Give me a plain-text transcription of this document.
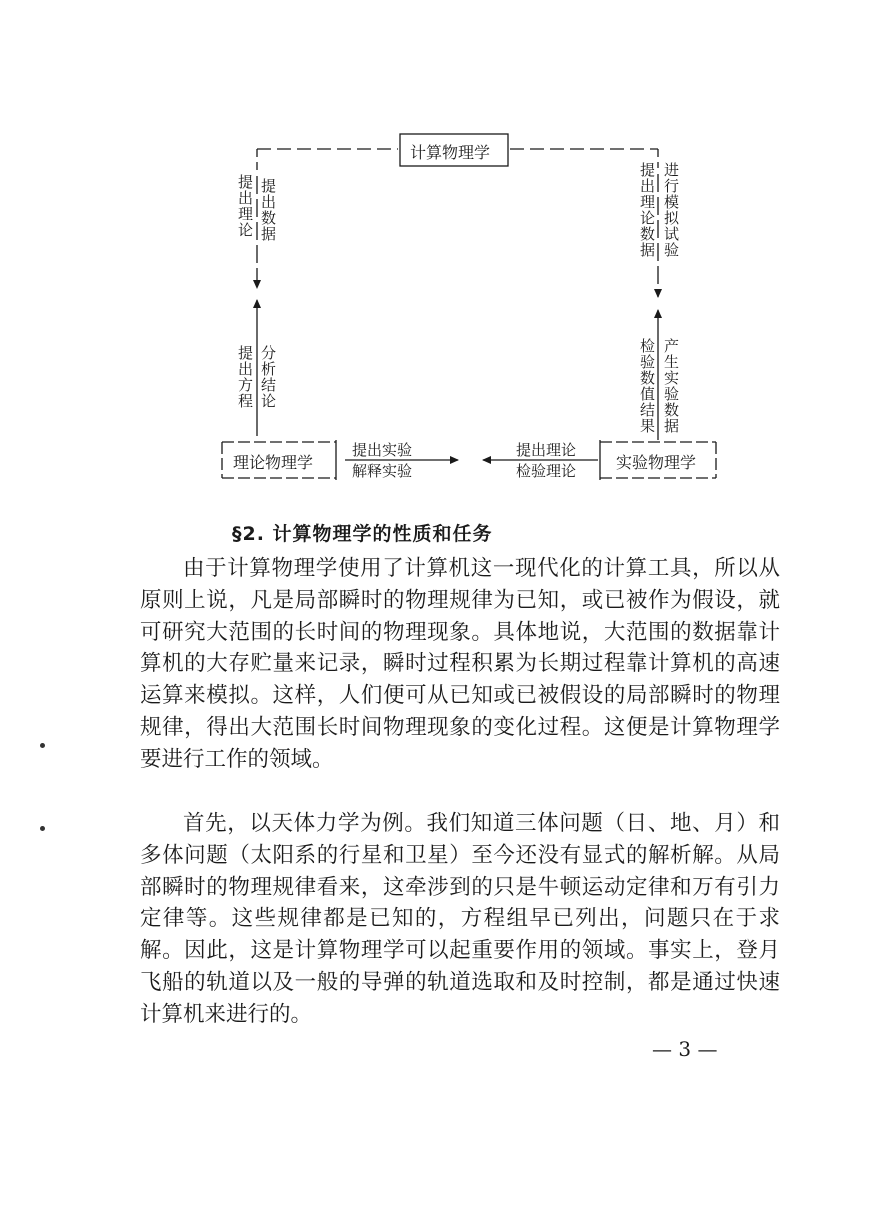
计算物理学
理论物理学	实验物理学
提出理论 提出数据
提出方程 分析结论
提出理论数据 进行模拟试验
检验数值结果 产生实验数据
提出实验
解释实验
提出理论
检验理论
§2. 计算物理学的性质和任务

由于计算物理学使用了计算机这一现代化的计算工具，所以从原则上说，凡是局部瞬时的物理规律为已知，或已被作为假设，就可研究大范围的长时间的物理现象。具体地说，大范围的数据靠计算机的大存贮量来记录，瞬时过程积累为长期过程靠计算机的高速运算来模拟。这样，人们便可从已知或已被假设的局部瞬时的物理规律，得出大范围长时间物理现象的变化过程。这便是计算物理学要进行工作的领域。

首先，以天体力学为例。我们知道三体问题（日、地、月）和多体问题（太阳系的行星和卫星）至今还没有显式的解析解。从局部瞬时的物理规律看来，这牵涉到的只是牛顿运动定律和万有引力定律等。这些规律都是已知的，方程组早已列出，问题只在于求解。因此，这是计算物理学可以起重要作用的领域。事实上，登月飞船的轨道以及一般的导弹的轨道选取和及时控制，都是通过快速计算机来进行的。

— 3 —
